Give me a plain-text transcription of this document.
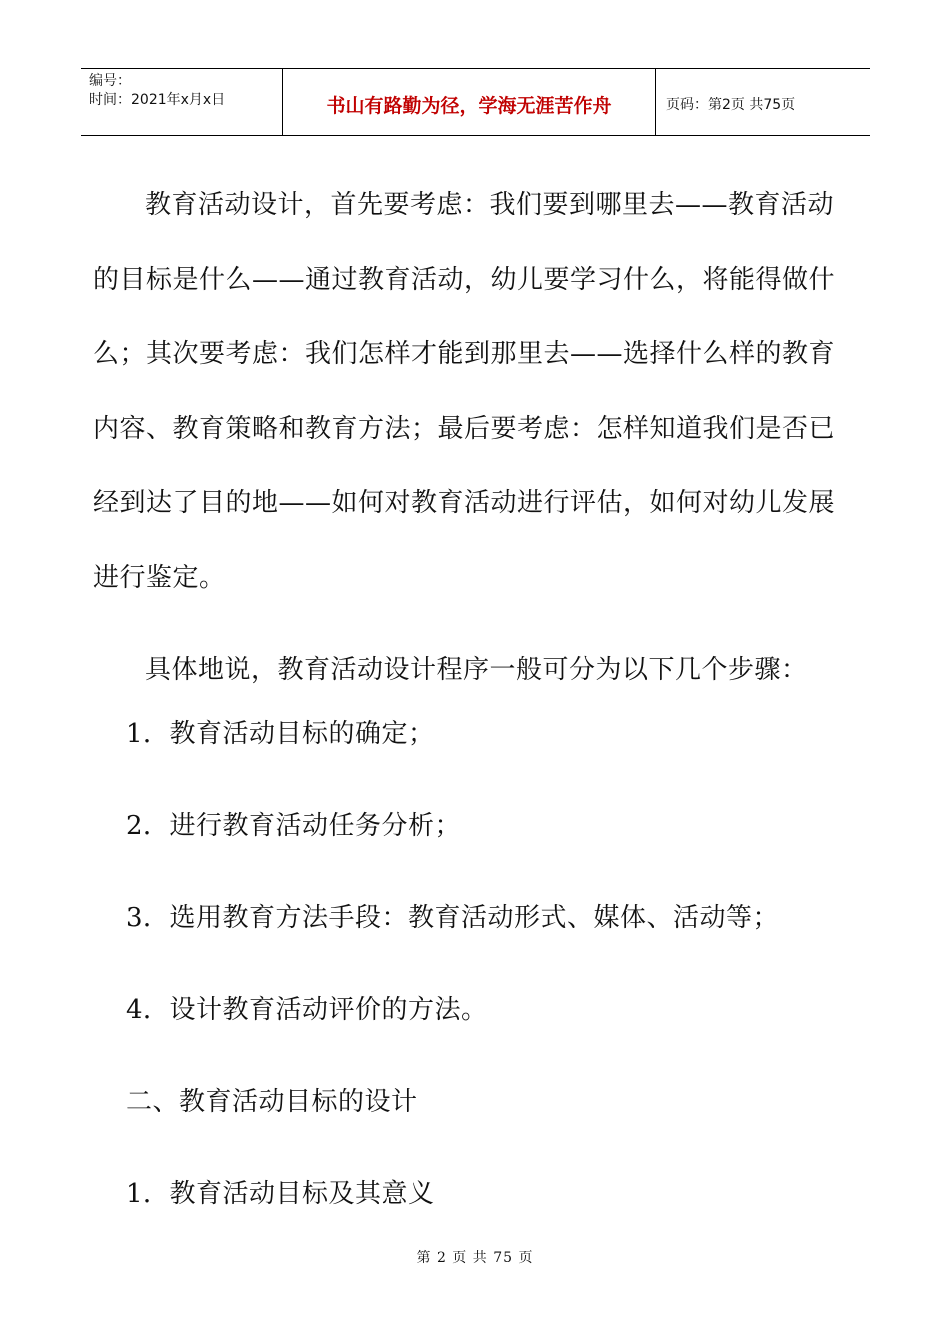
编号：
时间：2021年x月x日	书山有路勤为径，学海无涯苦作舟	页码：第2页 共75页

教育活动设计，首先要考虑：我们要到哪里去——教育活动的目标是什么——通过教育活动，幼儿要学习什么，将能得做什么；其次要考虑：我们怎样才能到那里去——选择什么样的教育内容、教育策略和教育方法；最后要考虑：怎样知道我们是否已经到达了目的地——如何对教育活动进行评估，如何对幼儿发展进行鉴定。

具体地说，教育活动设计程序一般可分为以下几个步骤：

1．教育活动目标的确定；
2．进行教育活动任务分析；
3．选用教育方法手段：教育活动形式、媒体、活动等；
4．设计教育活动评价的方法。
二、教育活动目标的设计
1．教育活动目标及其意义
第 2 页 共 75 页
